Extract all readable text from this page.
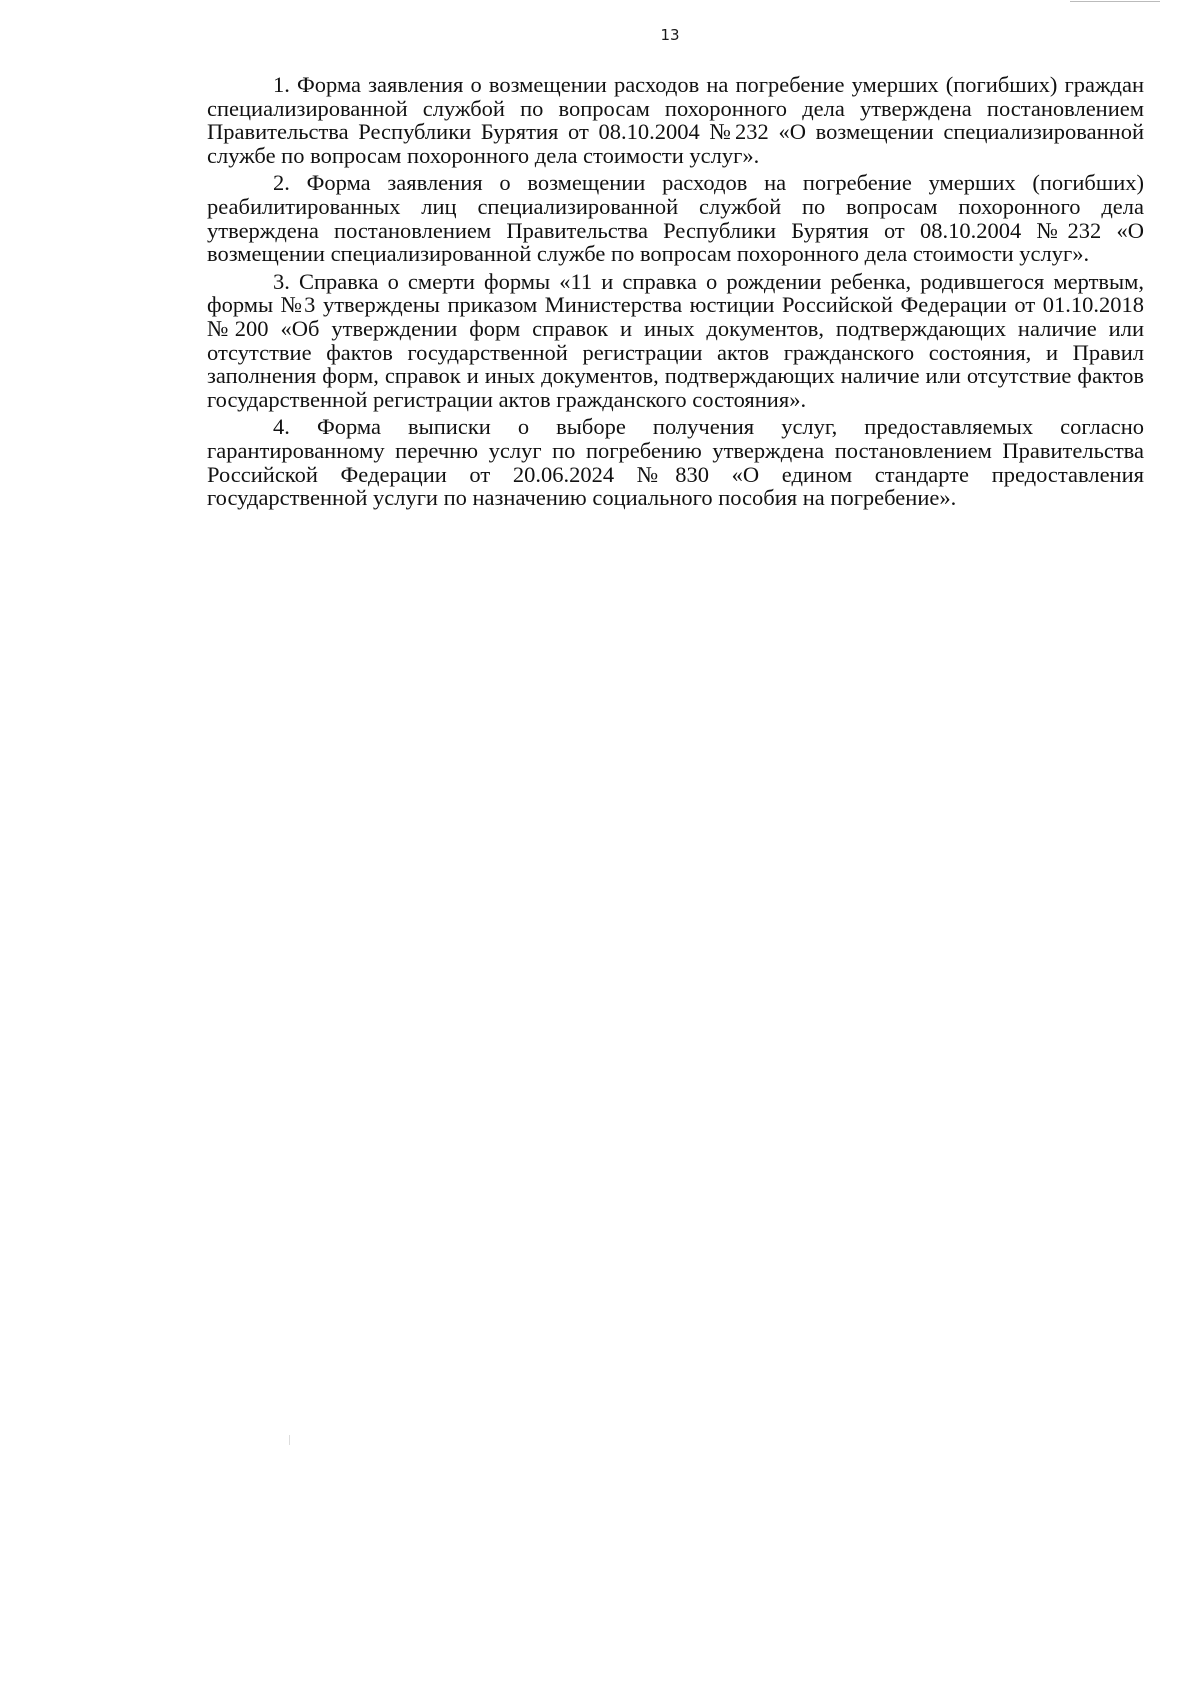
13

1. Форма заявления о возмещении расходов на погребение умерших (погибших) граждан специализированной службой по вопросам похоронного дела утверждена постановлением Правительства Республики Бурятия от 08.10.2004 №232 «О возмещении специализированной службе по вопросам похоронного дела стоимости услуг».

2. Форма заявления о возмещении расходов на погребение умерших (погибших) реабилитированных лиц специализированной службой по вопросам похоронного дела утверждена постановлением Правительства Республики Бурятия от 08.10.2004 №232 «О возмещении специализированной службе по вопросам похоронного дела стоимости услуг».

3. Справка о смерти формы «11 и справка о рождении ребенка, родившегося мертвым, формы №3 утверждены приказом Министерства юстиции Российской Федерации от 01.10.2018 №200 «Об утверждении форм справок и иных документов, подтверждающих наличие или отсутствие фактов государственной регистрации актов гражданского состояния, и Правил заполнения форм, справок и иных документов, подтверждающих наличие или отсутствие фактов государственной регистрации актов гражданского состояния».

4. Форма выписки о выборе получения услуг, предоставляемых согласно гарантированному перечню услуг по погребению утверждена постановлением Правительства Российской Федерации от 20.06.2024 №830 «О едином стандарте предоставления государственной услуги по назначению социального пособия на погребение».
